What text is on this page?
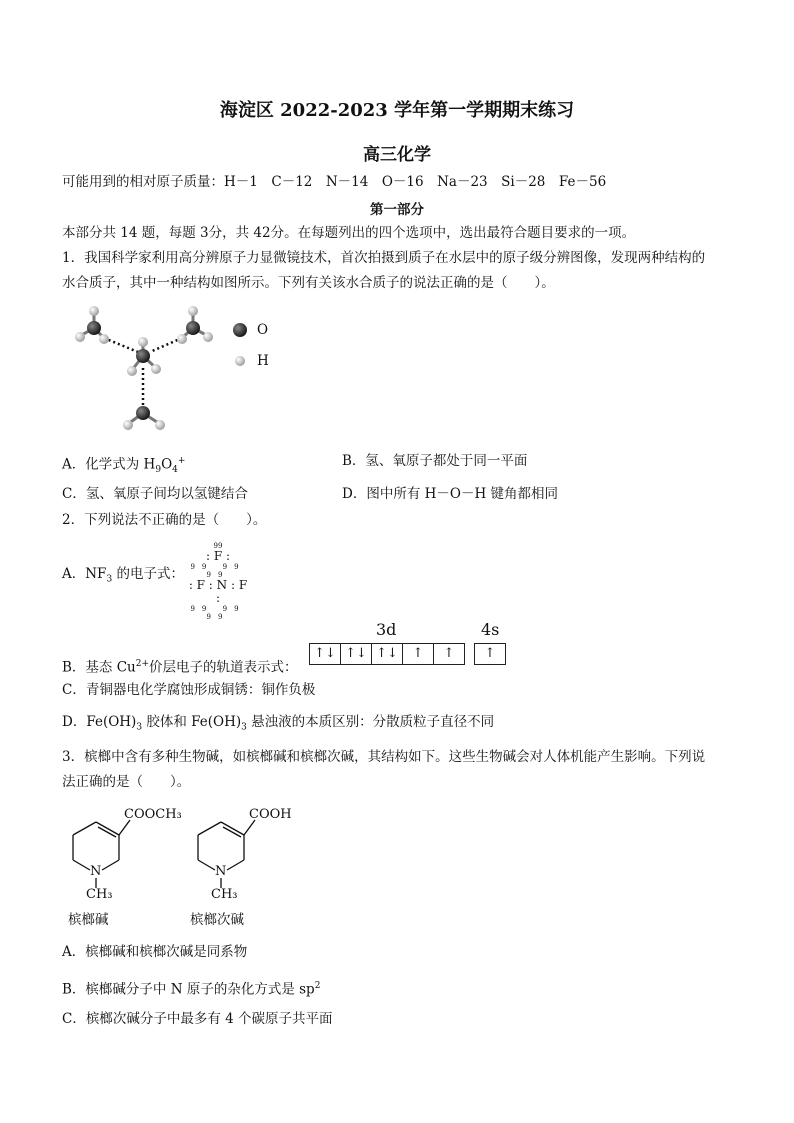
海淀区 2022-2023 学年第一学期期末练习
高三化学
可能用到的相对原子质量：H－1　C－12　N－14　O－16　Na－23　Si－28　Fe－56
第一部分
本部分共 14 题，每题 3分，共 42分。在每题列出的四个选项中，选出最符合题目要求的一项。
1．我国科学家利用高分辨原子力显微镜技术，首次拍摄到质子在水层中的原子级分辨图像，发现两种结构的
水合质子，其中一种结构如图所示。下列有关该水合质子的说法正确的是（　　）。
O
H
A．化学式为 $H_9O_4^+$	B．氢、氧原子都处于同一平面
C．氢、氧原子间均以氢键结合	D．图中所有 H－O－H 键角都相同
2．下列说法不正确的是（　　）。
A．$NF_3$ 的电子式：
99
: F :
99 99 99
: F : N : F :
99 99 99
3d	4s
B．基态 $Cu^{2+}$价层电子的轨道表示式：
↑↓ ↑↓ ↑↓	↑	↑	↑
C．青铜器电化学腐蚀形成铜锈：铜作负极
D．$Fe(OH)_3$ 胶体和 $Fe(OH)_3$ 悬浊液的本质区别：分散质粒子直径不同
3．槟榔中含有多种生物碱，如槟榔碱和槟榔次碱，其结构如下。这些生物碱会对人体机能产生影响。下列说
法正确的是（　　）。
COOCH₃
N
CH₃
槟榔碱
COOH
N
CH₃
槟榔次碱
A．槟榔碱和槟榔次碱是同系物
B．槟榔碱分子中 N 原子的杂化方式是 $sp^2$
C．槟榔次碱分子中最多有 4 个碳原子共平面
